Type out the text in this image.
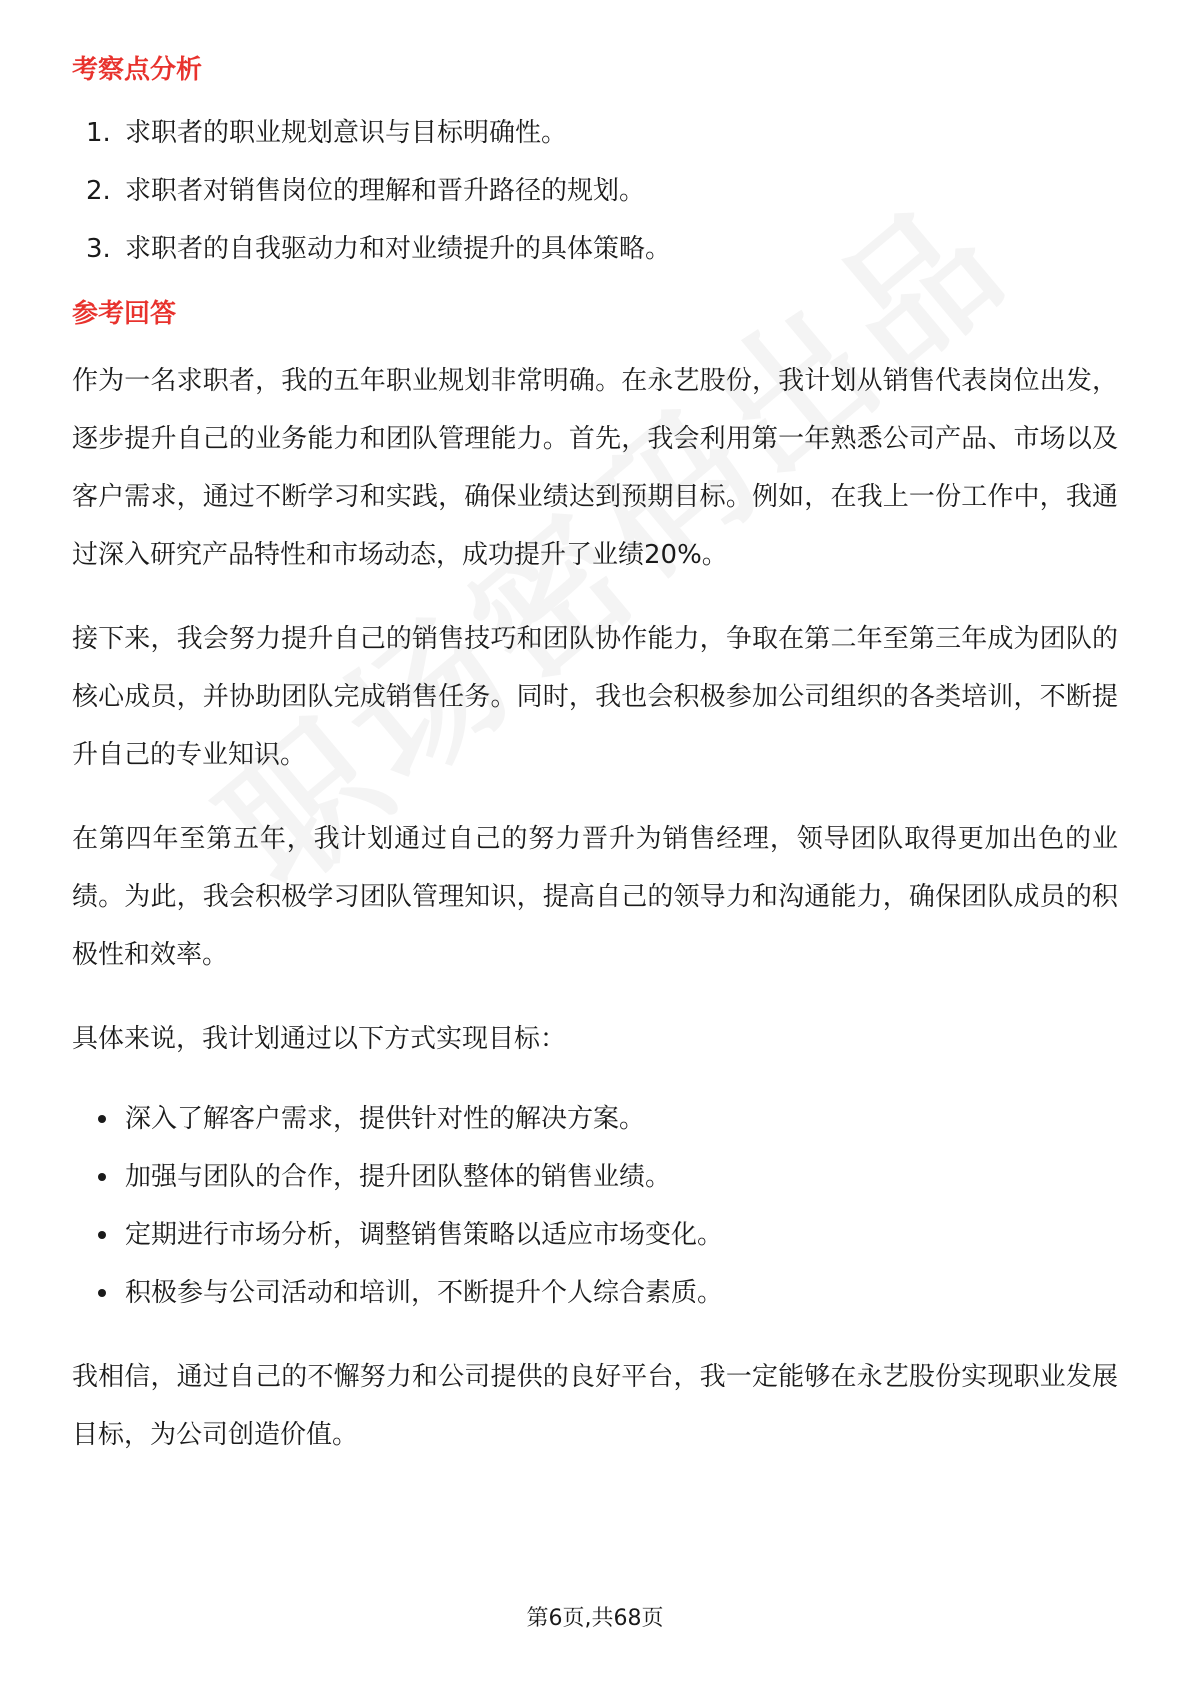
考察点分析
1. 求职者的职业规划意识与目标明确性。
2. 求职者对销售岗位的理解和晋升路径的规划。
3. 求职者的自我驱动力和对业绩提升的具体策略。
参考回答

作为一名求职者，我的五年职业规划非常明确。在永艺股份，我计划从销售代表岗位出发，逐步提升自己的业务能力和团队管理能力。首先，我会利用第一年熟悉公司产品、市场以及客户需求，通过不断学习和实践，确保业绩达到预期目标。例如，在我上一份工作中，我通过深入研究产品特性和市场动态，成功提升了业绩20%。

接下来，我会努力提升自己的销售技巧和团队协作能力，争取在第二年至第三年成为团队的核心成员，并协助团队完成销售任务。同时，我也会积极参加公司组织的各类培训，不断提升自己的专业知识。

在第四年至第五年，我计划通过自己的努力晋升为销售经理，领导团队取得更加出色的业绩。为此，我会积极学习团队管理知识，提高自己的领导力和沟通能力，确保团队成员的积极性和效率。

具体来说，我计划通过以下方式实现目标：

深入了解客户需求，提供针对性的解决方案。
加强与团队的合作，提升团队整体的销售业绩。
定期进行市场分析，调整销售策略以适应市场变化。
积极参与公司活动和培训，不断提升个人综合素质。

我相信，通过自己的不懈努力和公司提供的良好平台，我一定能够在永艺股份实现职业发展目标，为公司创造价值。

第6页,共68页
